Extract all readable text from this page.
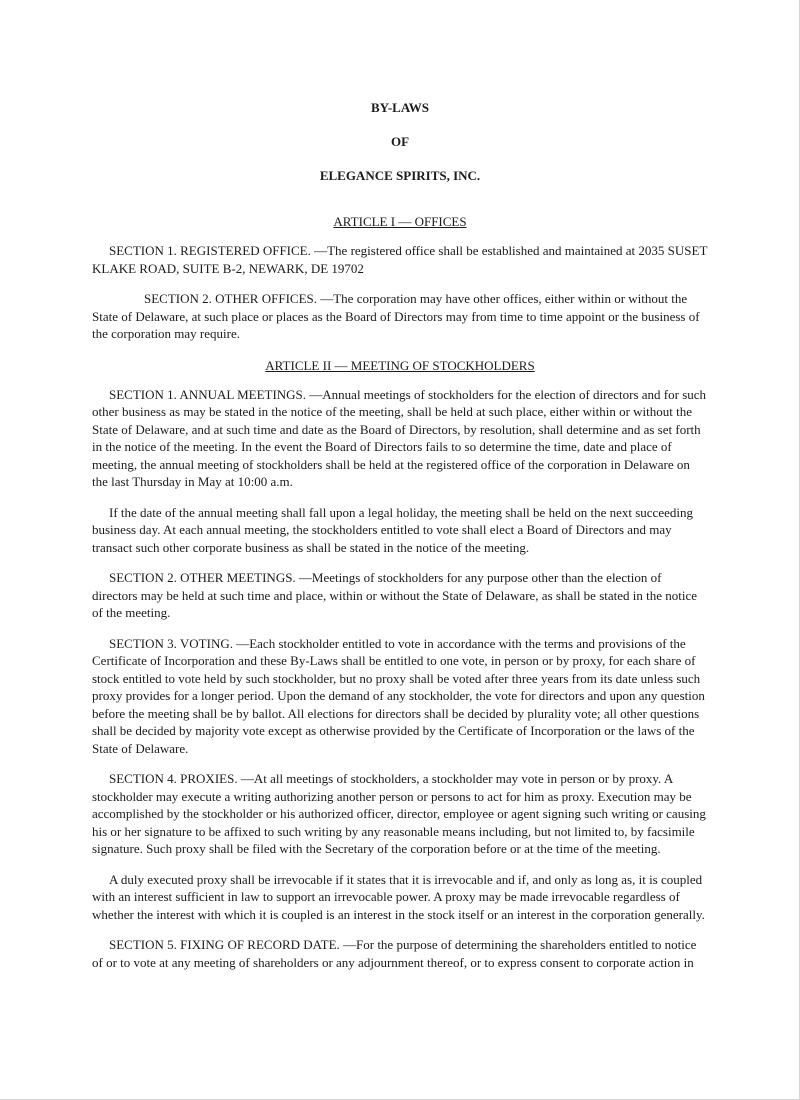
BY-LAWS

OF

ELEGANCE SPIRITS, INC.

ARTICLE I — OFFICES

SECTION 1. REGISTERED OFFICE. —The registered office shall be established and maintained at 2035 SUSET KLAKE ROAD, SUITE B-2, NEWARK, DE 19702

SECTION 2. OTHER OFFICES. —The corporation may have other offices, either within or without the State of Delaware, at such place or places as the Board of Directors may from time to time appoint or the business of the corporation may require.

ARTICLE II — MEETING OF STOCKHOLDERS

SECTION 1. ANNUAL MEETINGS. —Annual meetings of stockholders for the election of directors and for such other business as may be stated in the notice of the meeting, shall be held at such place, either within or without the State of Delaware, and at such time and date as the Board of Directors, by resolution, shall determine and as set forth in the notice of the meeting. In the event the Board of Directors fails to so determine the time, date and place of meeting, the annual meeting of stockholders shall be held at the registered office of the corporation in Delaware on the last Thursday in May at 10:00 a.m.

If the date of the annual meeting shall fall upon a legal holiday, the meeting shall be held on the next succeeding business day. At each annual meeting, the stockholders entitled to vote shall elect a Board of Directors and may transact such other corporate business as shall be stated in the notice of the meeting.

SECTION 2. OTHER MEETINGS. —Meetings of stockholders for any purpose other than the election of directors may be held at such time and place, within or without the State of Delaware, as shall be stated in the notice of the meeting.

SECTION 3. VOTING. —Each stockholder entitled to vote in accordance with the terms and provisions of the Certificate of Incorporation and these By-Laws shall be entitled to one vote, in person or by proxy, for each share of stock entitled to vote held by such stockholder, but no proxy shall be voted after three years from its date unless such proxy provides for a longer period. Upon the demand of any stockholder, the vote for directors and upon any question before the meeting shall be by ballot. All elections for directors shall be decided by plurality vote; all other questions shall be decided by majority vote except as otherwise provided by the Certificate of Incorporation or the laws of the State of Delaware.

SECTION 4. PROXIES. —At all meetings of stockholders, a stockholder may vote in person or by proxy. A stockholder may execute a writing authorizing another person or persons to act for him as proxy. Execution may be accomplished by the stockholder or his authorized officer, director, employee or agent signing such writing or causing his or her signature to be affixed to such writing by any reasonable means including, but not limited to, by facsimile signature. Such proxy shall be filed with the Secretary of the corporation before or at the time of the meeting.

A duly executed proxy shall be irrevocable if it states that it is irrevocable and if, and only as long as, it is coupled with an interest sufficient in law to support an irrevocable power. A proxy may be made irrevocable regardless of whether the interest with which it is coupled is an interest in the stock itself or an interest in the corporation generally.

SECTION 5. FIXING OF RECORD DATE. —For the purpose of determining the shareholders entitled to notice of or to vote at any meeting of shareholders or any adjournment thereof, or to express consent to corporate action in
